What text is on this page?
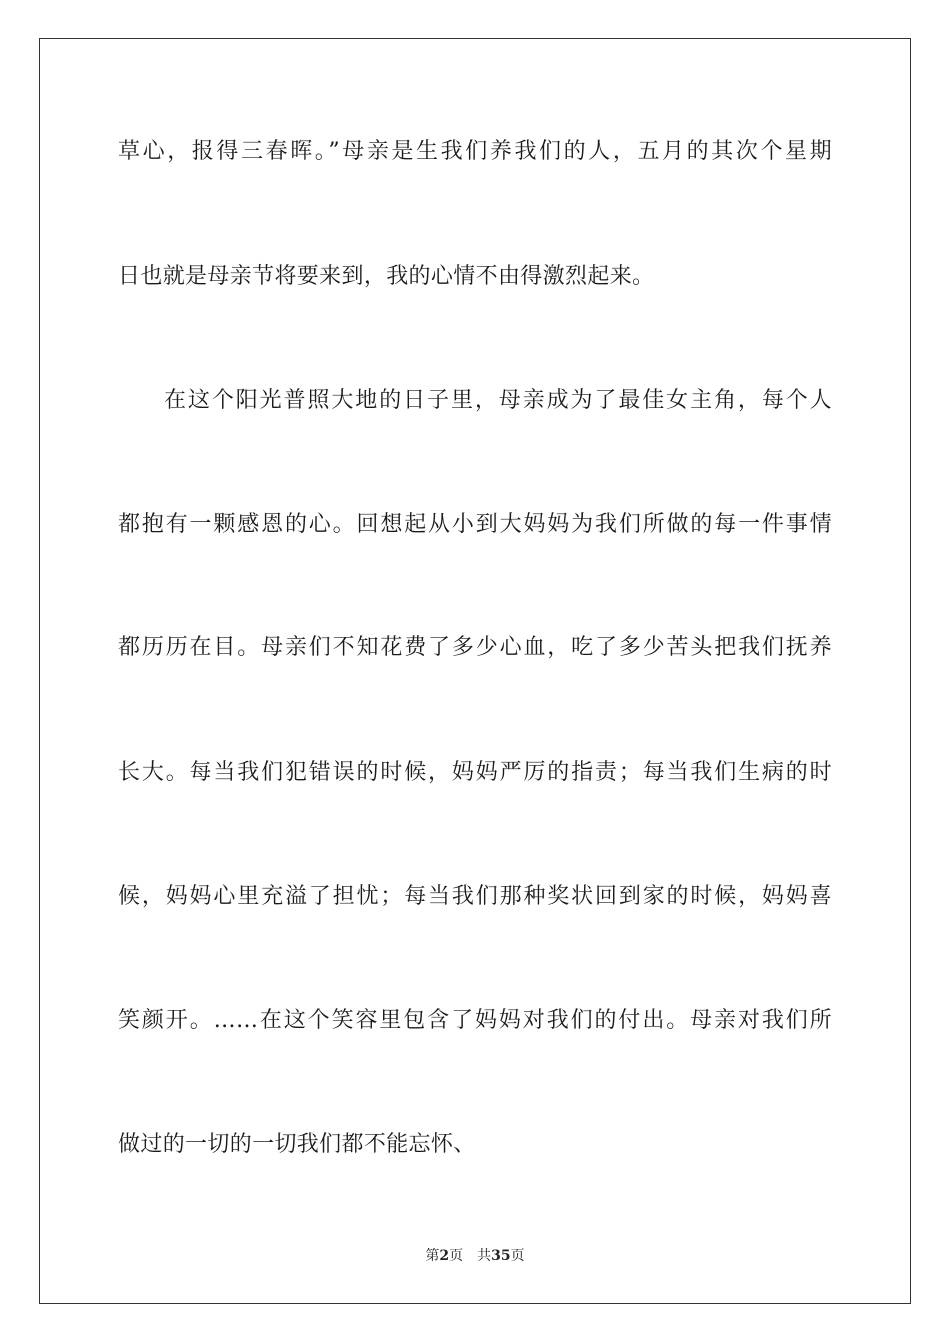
草心，报得三春晖。”母亲是生我们养我们的人，五月的其次个星期
日也就是母亲节将要来到，我的心情不由得激烈起来。
在这个阳光普照大地的日子里，母亲成为了最佳女主角，每个人
都抱有一颗感恩的心。回想起从小到大妈妈为我们所做的每一件事情
都历历在目。母亲们不知花费了多少心血，吃了多少苦头把我们抚养
长大。每当我们犯错误的时候，妈妈严厉的指责；每当我们生病的时
候，妈妈心里充溢了担忧；每当我们那种奖状回到家的时候，妈妈喜
笑颜开。……在这个笑容里包含了妈妈对我们的付出。母亲对我们所
做过的一切的一切我们都不能忘怀、
第2页 共35页
